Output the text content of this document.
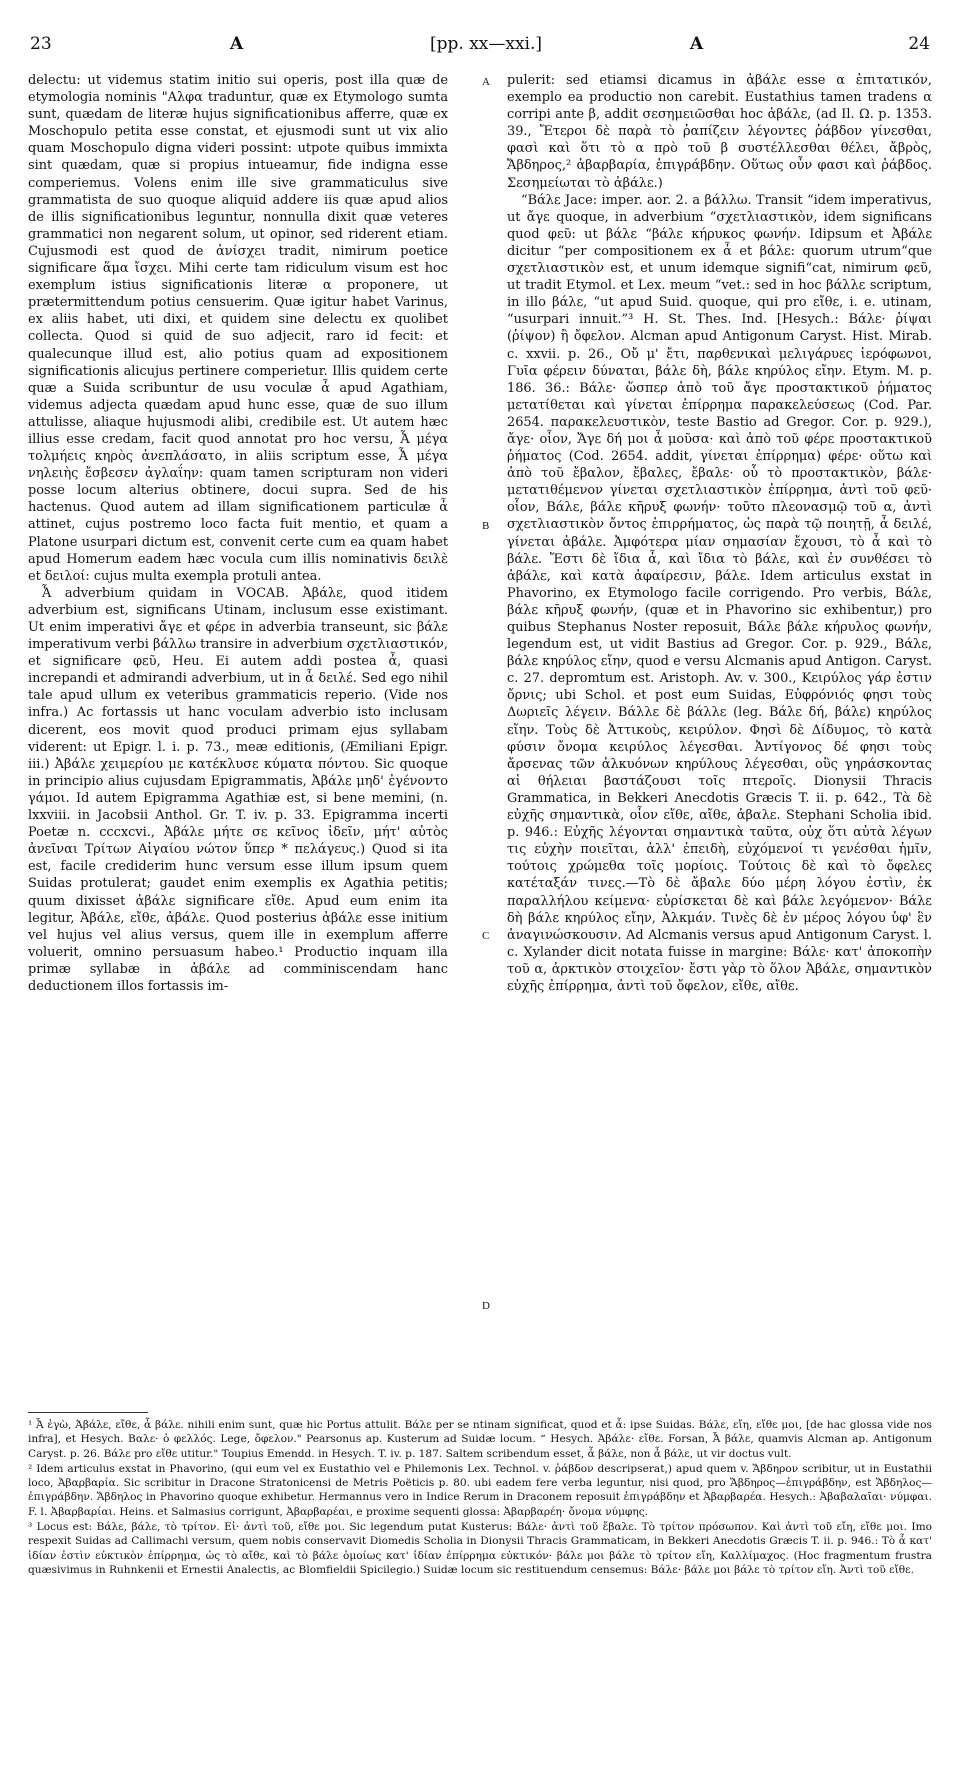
23	A	[pp. xx—xxi.]	A	24

delectu: ut videmus statim initio sui operis, post illa quæ de etymologia nominis "Αλφα traduntur, quæ ex Etymologo sumta sunt, quædam de literæ hujus significationibus afferre, quæ ex Moschopulo petita esse constat, et ejusmodi sunt ut vix alio quam Moschopulo digna videri possint: utpote quibus immixta sint quædam, quæ si propius intueamur, fide indigna esse comperiemus. Volens enim ille sive grammaticulus sive grammatista de suo quoque aliquid addere iis quæ apud alios de illis significationibus leguntur, nonnulla dixit quæ veteres grammatici non negarent solum, ut opinor, sed riderent etiam. Cujusmodi est quod de ἀνίσχει tradit, nimirum poetice significare ἅμα ἴσχει. Mihi certe tam ridiculum visum est hoc exemplum istius significationis literæ α proponere, ut prætermittendum potius censuerim. Quæ igitur habet Varinus, ex aliis habet, uti dixi, et quidem sine delectu ex quolibet collecta. Quod si quid de suo adjecit, raro id fecit: et qualecunque illud est, alio potius quam ad expositionem significationis alicujus pertinere comperietur. Illis quidem certe quæ a Suida scribuntur de usu voculæ ἆ apud Agathiam, videmus adjecta quædam apud hunc esse, quæ de suo illum attulisse, aliaque hujusmodi alibi, credibile est. Ut autem hæc illius esse credam, facit quod annotat pro hoc versu, Ἆ μέγα τολμήεις κηρὸς ἀνεπλάσατο, in aliis scriptum esse, Ἆ μέγα νηλειὴς ἔσβεσεν ἀγλαΐην: quam tamen scripturam non videri posse locum alterius obtinere, docui supra. Sed de his hactenus. Quod autem ad illam significationem particulæ ἆ attinet, cujus postremo loco facta fuit mentio, et quam a Platone usurpari dictum est, convenit certe cum ea quam habet apud Homerum eadem hæc vocula cum illis nominativis δειλὲ et δειλοί: cujus multa exempla protuli antea.

Ἆ adverbium quidam in VOCAB. Ἀβάλε, quod itidem adverbium est, significans Utinam, inclusum esse existimant. Ut enim imperativi ἄγε et φέρε in adverbia transeunt, sic βάλε imperativum verbi βάλλω transire in adverbium σχετλιαστικόν, et significare φεῦ, Heu. Ei autem addi postea ἆ, quasi increpandi et admirandi adverbium, ut in ἆ δειλέ. Sed ego nihil tale apud ullum ex veteribus grammaticis reperio. (Vide nos infra.) Ac fortassis ut hanc voculam adverbio isto inclusam dicerent, eos movit quod produci primam ejus syllabam viderent: ut Epigr. l. i. p. 73., meæ editionis, (Æmiliani Epigr. iii.) Ἀβάλε χειμερίου με κατέκλυσε κύματα πόντου. Sic quoque in principio alius cujusdam Epigrammatis, Ἀβάλε μηδ' ἐγένοντο γάμοι. Id autem Epigramma Agathiæ est, si bene memini, (n. lxxviii. in Jacobsii Anthol. Gr. T. iv. p. 33. Epigramma incerti Poetæ n. cccxcvi., Ἀβάλε μήτε σε κεῖνος ἰδεῖν, μήτ' αὐτὸς ἀνεῖναι Τρίτων Αἰγαίου νώτον ὕπερ * πελάγευς.) Quod si ita est, facile crediderim hunc versum esse illum ipsum quem Suidas protulerat; gaudet enim exemplis ex Agathia petitis; quum dixisset ἀβάλε significare εἴθε. Apud eum enim ita legitur, Ἀβάλε, εἴθε, ἀβάλε. Quod posterius ἀβάλε esse initium vel hujus vel alius versus, quem ille in exemplum afferre voluerit, omnino persuasum habeo.¹ Productio inquam illa primæ syllabæ in ἀβάλε ad comminiscendam hanc deductionem illos fortassis im-

A
B
C
D

pulerit: sed etiamsi dicamus in ἀβάλε esse α ἐπιτατικόν, exemplo ea productio non carebit. Eustathius tamen tradens α corripi ante β, addit σεσημειῶσθαι hoc ἀβάλε, (ad Il. Ω. p. 1353. 39., Ἔτεροι δὲ παρὰ τὸ ῥαπίζειν λέγοντες ῥάβδον γίνεσθαι, φασὶ καὶ ὅτι τὸ α πρὸ τοῦ β συστέλλεσθαι θέλει, ἄβρὸς, Ἄβδηρος,² ἀβαρβαρία, ἐπιγράβδην. Οὕτως οὖν φασι καὶ ῥάβδος. Σεσημείωται τὸ ἀβάλε.)

“Βάλε Jace: imper. aor. 2. a βάλλω. Transit “idem imperativus, ut ἄγε quoque, in adverbium “σχετλιαστικὸν, idem significans quod φεῦ: ut βάλε “βάλε κήρυκος φωνήν. Idipsum et Ἀβάλε dicitur “per compositionem ex ἆ et βάλε: quorum utrum“que σχετλιαστικὸν est, et unum idemque signifi“cat, nimirum φεῦ, ut tradit Etymol. et Lex. meum “vet.: sed in hoc βάλλε scriptum, in illo βάλε, “ut apud Suid. quoque, qui pro εἴθε, i. e. utinam, “usurpari innuit.”³ H. St. Thes. Ind. [Hesych.: Βάλε· ῥίψαι (ῥίψον) ἢ ὄφελον. Alcman apud Antigonum Caryst. Hist. Mirab. c. xxvii. p. 26., Οὔ μ' ἔτι, παρθενικαὶ μελιγάρυες ἱερόφωνοι, Γυῖα φέρειν δύναται, βάλε δὴ, βάλε κηρύλος εἴην. Etym. M. p. 186. 36.: Βάλε· ὥσπερ ἀπὸ τοῦ ἄγε προστακτικοῦ ῥήματος μετατίθεται καὶ γίνεται ἐπίρρημα παρακελεύσεως (Cod. Par. 2654. παρακελευστικὸν, teste Bastio ad Gregor. Cor. p. 929.), ἄγε· οἷον, Ἄγε δή μοι ἆ μοῦσα· καὶ ἀπὸ τοῦ φέρε προστακτικοῦ ῥήματος (Cod. 2654. addit, γίνεται ἐπίρρημα) φέρε· οὕτω καὶ ἀπὸ τοῦ ἔβαλον, ἔβαλες, ἔβαλε· οὗ τὸ προστακτικὸν, βάλε· μετατιθέμενον γίνεται σχετλιαστικὸν ἐπίρρημα, ἀντὶ τοῦ φεῦ· οἷον, Βάλε, βάλε κῆρυξ φωνήν· τοῦτο πλεονασμῷ τοῦ α, ἀντὶ σχετλιαστικὸν ὄντος ἐπιρρήματος, ὡς παρὰ τῷ ποιητῇ, ἆ δειλέ, γίνεται ἀβάλε. Ἀμφότερα μίαν σημασίαν ἔχουσι, τὸ ἆ καὶ τὸ βάλε. Ἔστι δὲ ἴδια ἆ, καὶ ἴδια τὸ βάλε, καὶ ἐν συνθέσει τὸ ἀβάλε, καὶ κατὰ ἀφαίρεσιν, βάλε. Idem articulus exstat in Phavorino, ex Etymologo facile corrigendo. Pro verbis, Βάλε, βάλε κῆρυξ φωνήν, (quæ et in Phavorino sic exhibentur,) pro quibus Stephanus Noster reposuit, Βάλε βάλε κήρυλος φωνήν, legendum est, ut vidit Bastius ad Gregor. Cor. p. 929., Βάλε, βάλε κηρύλος εἴην, quod e versu Alcmanis apud Antigon. Caryst. c. 27. depromtum est. Aristoph. Av. v. 300., Κειρύλος γάρ ἐστιν ὄρνις; ubi Schol. et post eum Suidas, Εὐφρόνιός φησι τοὺς Δωριεῖς λέγειν. Βάλλε δὲ βάλλε (leg. Βάλε δή, βάλε) κηρύλος εἴην. Τοὺς δὲ Ἀττικοὺς, κειρύλον. Φησὶ δὲ Δίδυμος, τὸ κατὰ φύσιν ὄνομα κειρύλος λέγεσθαι. Ἀντίγονος δέ φησι τοὺς ἄρσενας τῶν ἀλκυόνων κηρύλους λέγεσθαι, οὓς γηράσκοντας αἱ θήλειαι βαστάζουσι τοῖς πτεροῖς. Dionysii Thracis Grammatica, in Bekkeri Anecdotis Græcis T. ii. p. 642., Τὰ δὲ εὐχῆς σημαντικὰ, οἷον εἴθε, αἴθε, ἀβαλε. Stephani Scholia ibid. p. 946.: Εὐχῆς λέγονται σημαντικὰ ταῦτα, οὐχ ὅτι αὐτὰ λέγων τις εὐχὴν ποιεῖται, ἀλλ' ἐπειδὴ, εὐχόμενοί τι γενέσθαι ἡμῖν, τούτοις χρώμεθα τοῖς μορίοις. Τούτοις δὲ καὶ τὸ ὄφελες κατέταξάν τινες.—Τὸ δὲ ἄβαλε δύο μέρη λόγου ἐστὶν, ἐκ παραλλήλου κείμενα· εὑρίσκεται δὲ καὶ βάλε λεγόμενον· Βάλε δὴ βάλε κηρύλος εἴην, Ἀλκμάν. Τινὲς δὲ ἐν μέρος λόγου ὑφ' ἓν ἀναγινώσκουσιν. Ad Alcmanis versus apud Antigonum Caryst. l. c. Xylander dicit notata fuisse in margine: Βάλε· κατ' ἀποκοπὴν τοῦ α, ἀρκτικὸν στοιχεῖον· ἔστι γὰρ τὸ ὅλον Ἀβάλε, σημαντικὸν εὐχῆς ἐπίρρημα, ἀντὶ τοῦ ὄφελον, εἴθε, αἴθε.

¹ Ἆ ἐγὼ, Ἀβάλε, εἴθε, ἆ βάλε. nihili enim sunt, quæ hic Portus attulit. Βάλε per se ntinam significat, quod et ἆ: ipse Suidas. Βάλε, εἴη, εἴθε μοι, [de hac glossa vide nos infra], et Hesych. Βαλε· ὁ φελλός. Lege, ὄφελον." Pearsonus ap. Kusterum ad Suidæ locum. “ Hesych. Ἀβάλε· εἴθε. Forsan, Ἆ βάλε, quamvis Alcman ap. Antigonum Caryst. p. 26. Βάλε pro εἴθε utitur." Toupius Emendd. in Hesych. T. iv. p. 187. Saltem scribendum esset, ἆ βάλε, non ἆ βάλε, ut vir doctus vult.

² Idem articulus exstat in Phavorino, (qui eum vel ex Eustathio vel e Philemonis Lex. Technol. v. ῥάβδον descripserat,) apud quem v. Ἄβδηρον scribitur, ut in Eustathii loco, Ἀβαρβαρία. Sic scribitur in Dracone Stratonicensi de Metris Poëticis p. 80. ubi eadem fere verba leguntur, nisi quod, pro Ἄβδηρος—ἐπιγράβδην, est Ἄβδηλος—ἐπιγράβδην. Ἄβδηλος in Phavorino quoque exhibetur. Hermannus vero in Indice Rerum in Draconem reposuit ἐπιγράβδην et Ἀβαρβαρέα. Hesych.: Ἀβαβαλαῖαι· νύμφαι. F. l. Ἀβαρβαρίαι. Heins. et Salmasius corrigunt, Ἀβαρβαρέαι, e proxime sequenti glossa: Ἀβαρβαρέη· ὄνομα νύμφης.

³ Locus est: Βάλε, βάλε, τὸ τρίτον. Εἰ· ἀντὶ τοῦ, εἴθε μοι. Sic legendum putat Kusterus: Βάλε· ἀντὶ τοῦ ἔβαλε. Τὸ τρίτον πρόσωπον. Καὶ ἀντὶ τοῦ εἴη, εἴθε μοι. Imo respexit Suidas ad Callimachi versum, quem nobis conservavit Diomedis Scholia in Dionysii Thracis Grammaticam, in Bekkeri Anecdotis Græcis T. ii. p. 946.: Τὸ ἆ κατ' ἰδίαν ἐστὶν εὐκτικὸν ἐπίρρημα, ὡς τὸ αἴθε, καὶ τὸ βάλε ὁμοίως κατ' ἰδίαν ἐπίρρημα εὐκτικόν· βάλε μοι βάλε τὸ τρίτον εἴη, Καλλίμαχος. (Hoc fragmentum frustra quæsivimus in Ruhnkenii et Ernestii Analectis, ac Blomfieldii Spicilegio.) Suidæ locum sic restituendum censemus: Βάλε· βάλε μοι βάλε τὸ τρίτον εἴη. Ἀντὶ τοῦ εἴθε.
